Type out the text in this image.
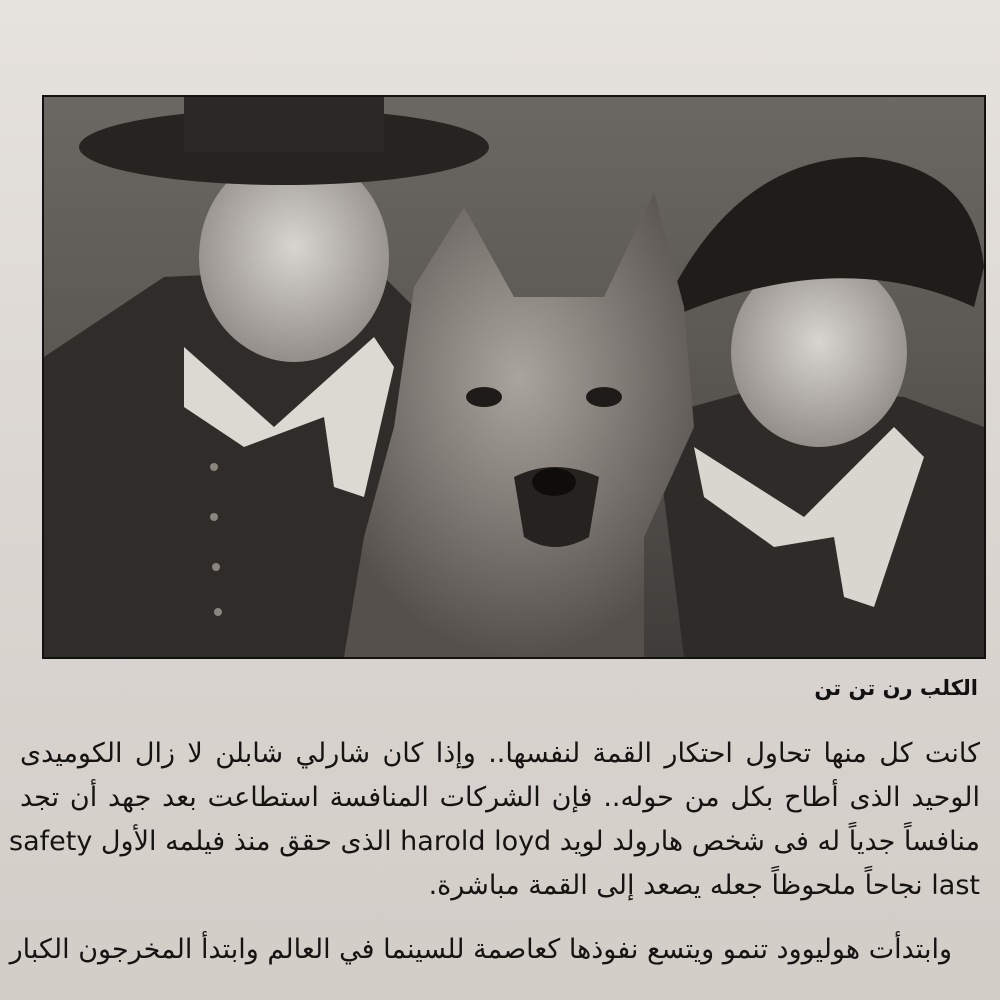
الكلب رن تن تن
كانت كل منها تحاول احتكار القمة لنفسها.. وإذا كان شارلي شابلن لا زال الكوميدى
الوحيد الذى أطاح بكل من حوله.. فإن الشركات المنافسة استطاعت بعد جهد أن تجد
منافساً جدياً له فى شخص هارولد لويد harold loyd الذى حقق منذ فيلمه الأول safety
last نجاحاً ملحوظاً جعله يصعد إلى القمة مباشرة.
وابتدأت هوليوود تنمو ويتسع نفوذها كعاصمة للسينما في العالم وابتدأ المخرجون الكبار
